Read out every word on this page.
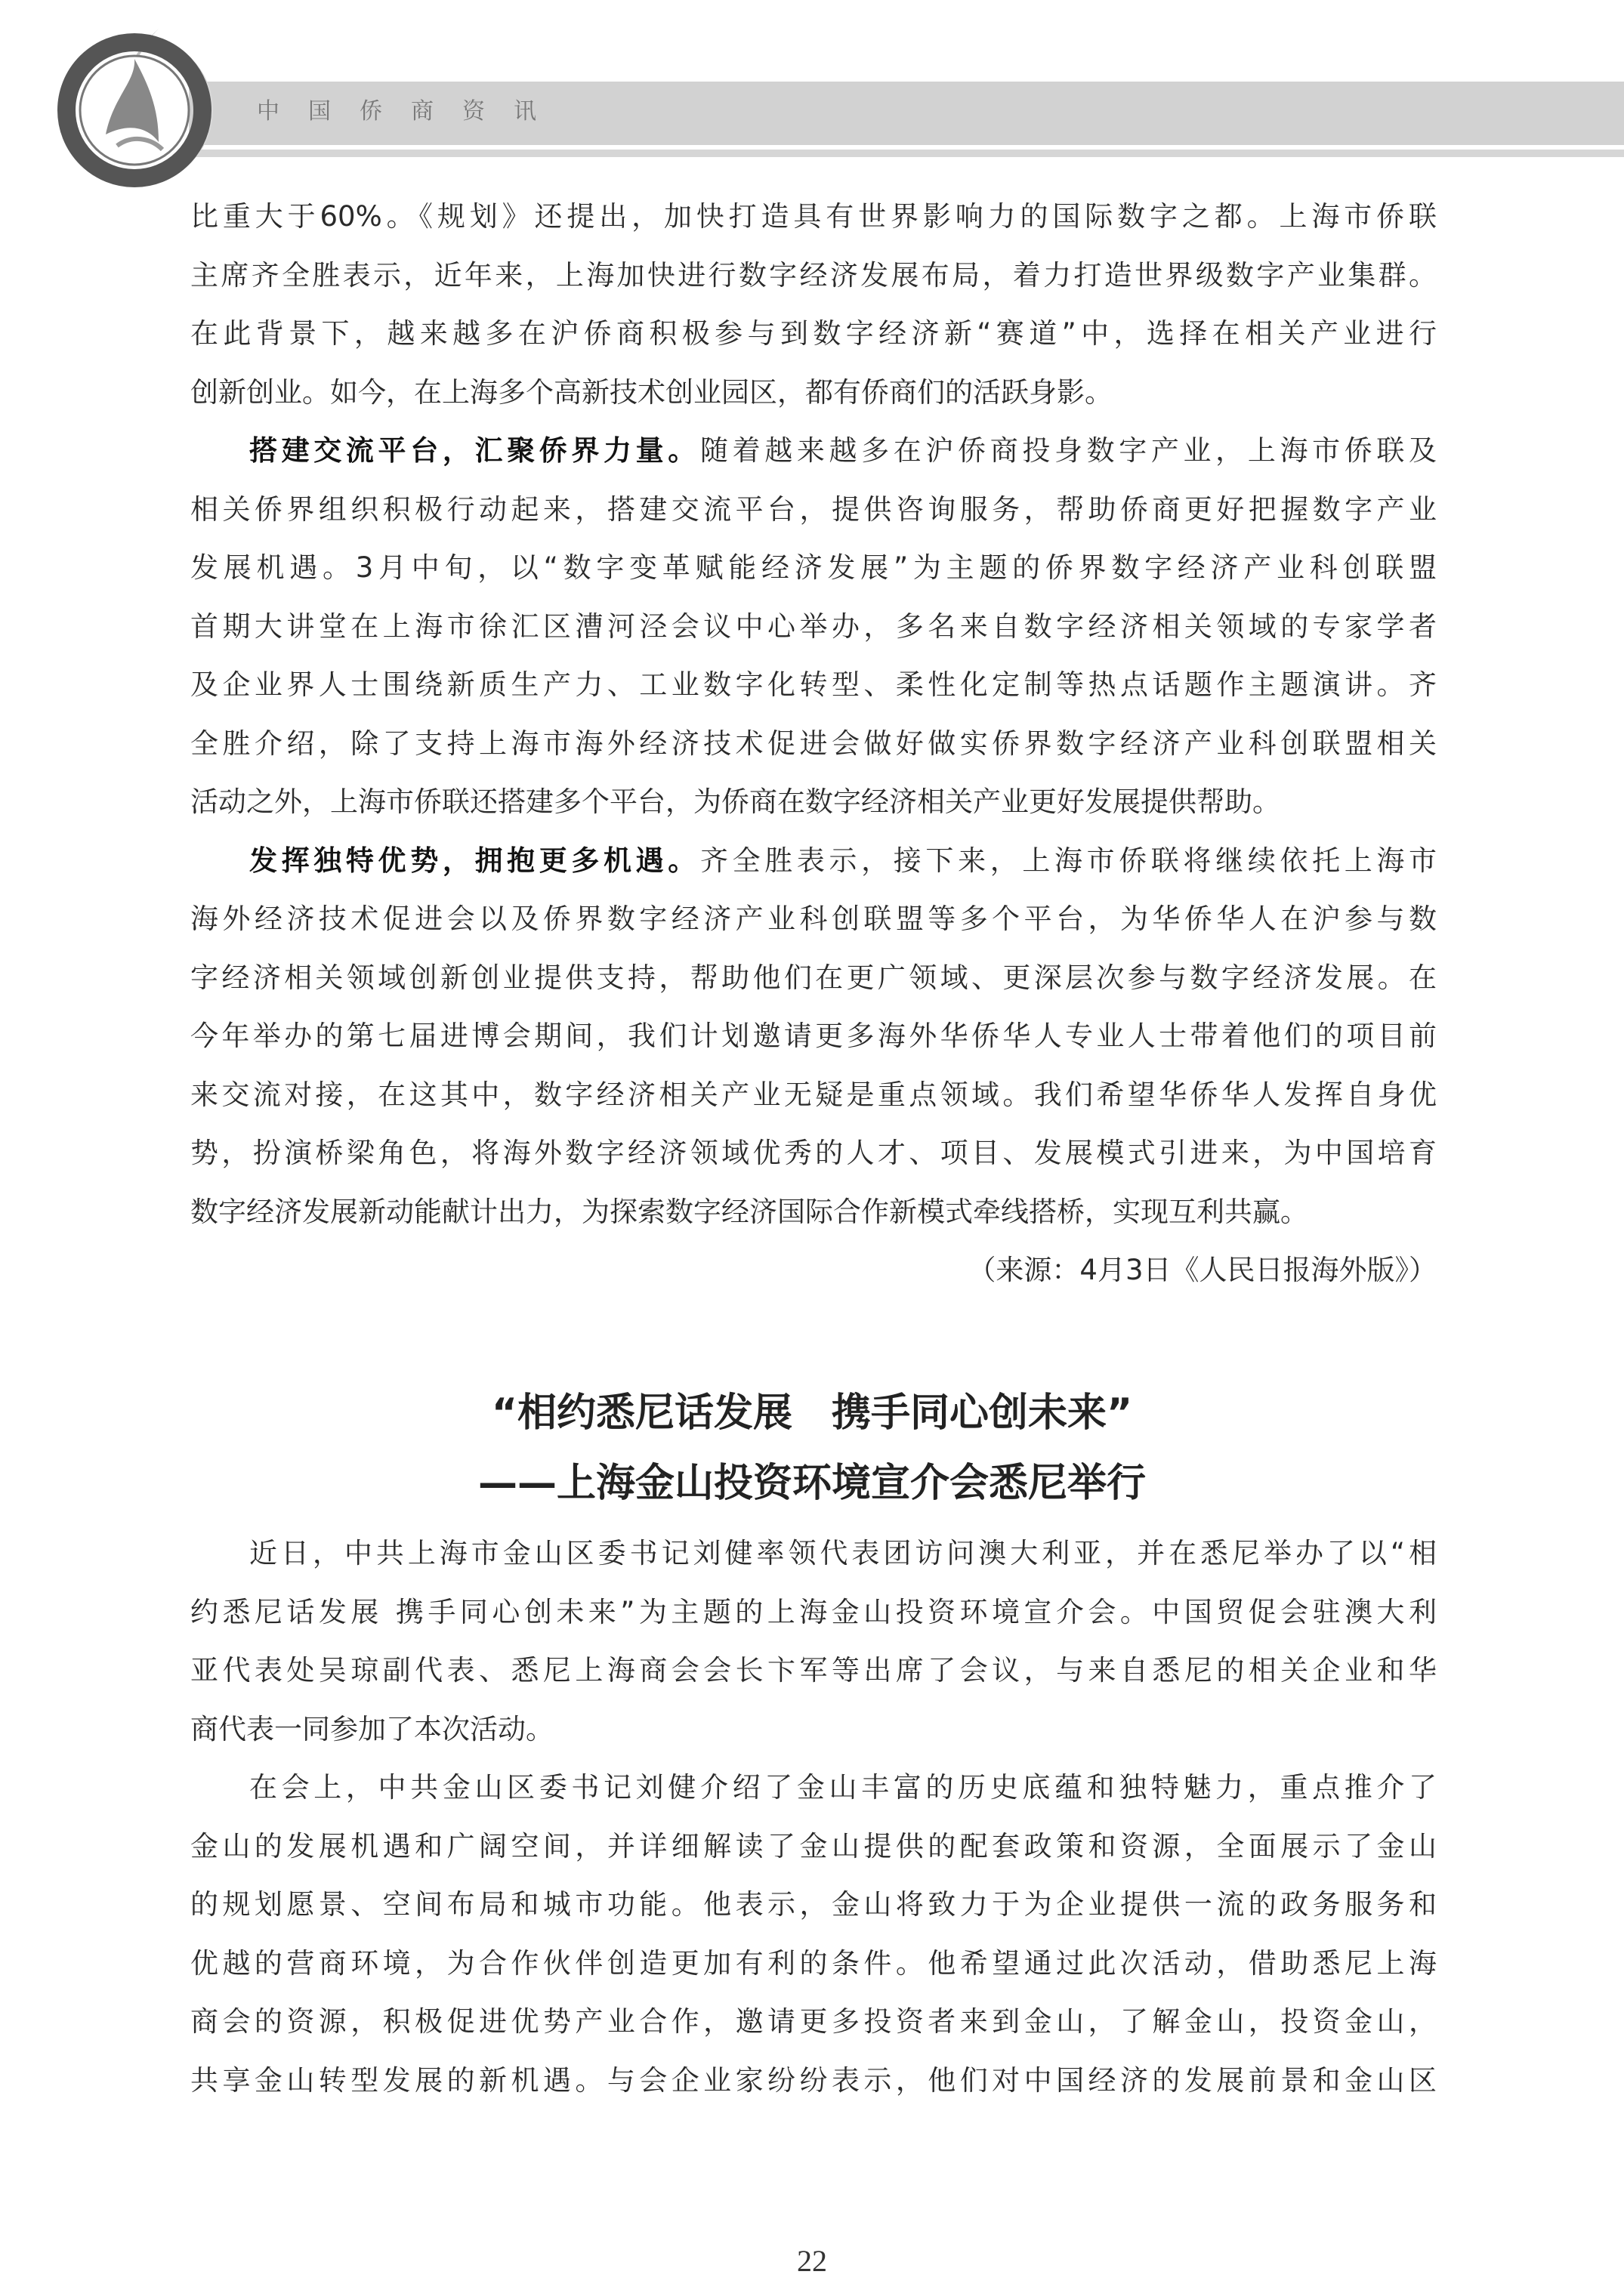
中国侨商资讯
比重大于60%。《规划》还提出，加快打造具有世界影响力的国际数字之都。上海市侨联
主席齐全胜表示，近年来，上海加快进行数字经济发展布局，着力打造世界级数字产业集群。
在此背景下，越来越多在沪侨商积极参与到数字经济新“赛道”中，选择在相关产业进行
创新创业。如今，在上海多个高新技术创业园区，都有侨商们的活跃身影。
搭建交流平台，汇聚侨界力量。随着越来越多在沪侨商投身数字产业，上海市侨联及
相关侨界组织积极行动起来，搭建交流平台，提供咨询服务，帮助侨商更好把握数字产业
发展机遇。3月中旬，以“数字变革赋能经济发展”为主题的侨界数字经济产业科创联盟
首期大讲堂在上海市徐汇区漕河泾会议中心举办，多名来自数字经济相关领域的专家学者
及企业界人士围绕新质生产力、工业数字化转型、柔性化定制等热点话题作主题演讲。齐
全胜介绍，除了支持上海市海外经济技术促进会做好做实侨界数字经济产业科创联盟相关
活动之外，上海市侨联还搭建多个平台，为侨商在数字经济相关产业更好发展提供帮助。
发挥独特优势，拥抱更多机遇。齐全胜表示，接下来，上海市侨联将继续依托上海市
海外经济技术促进会以及侨界数字经济产业科创联盟等多个平台，为华侨华人在沪参与数
字经济相关领域创新创业提供支持，帮助他们在更广领域、更深层次参与数字经济发展。在
今年举办的第七届进博会期间，我们计划邀请更多海外华侨华人专业人士带着他们的项目前
来交流对接，在这其中，数字经济相关产业无疑是重点领域。我们希望华侨华人发挥自身优
势，扮演桥梁角色，将海外数字经济领域优秀的人才、项目、发展模式引进来，为中国培育
数字经济发展新动能献计出力，为探索数字经济国际合作新模式牵线搭桥，实现互利共赢。
（来源：4月3日《人民日报海外版》）
“相约悉尼话发展　携手同心创未来”
——上海金山投资环境宣介会悉尼举行
近日，中共上海市金山区委书记刘健率领代表团访问澳大利亚，并在悉尼举办了以“相
约悉尼话发展 携手同心创未来”为主题的上海金山投资环境宣介会。中国贸促会驻澳大利
亚代表处吴琼副代表、悉尼上海商会会长卞军等出席了会议，与来自悉尼的相关企业和华
商代表一同参加了本次活动。
在会上，中共金山区委书记刘健介绍了金山丰富的历史底蕴和独特魅力，重点推介了
金山的发展机遇和广阔空间，并详细解读了金山提供的配套政策和资源，全面展示了金山
的规划愿景、空间布局和城市功能。他表示，金山将致力于为企业提供一流的政务服务和
优越的营商环境，为合作伙伴创造更加有利的条件。他希望通过此次活动，借助悉尼上海
商会的资源，积极促进优势产业合作，邀请更多投资者来到金山，了解金山，投资金山，
共享金山转型发展的新机遇。与会企业家纷纷表示，他们对中国经济的发展前景和金山区
22
